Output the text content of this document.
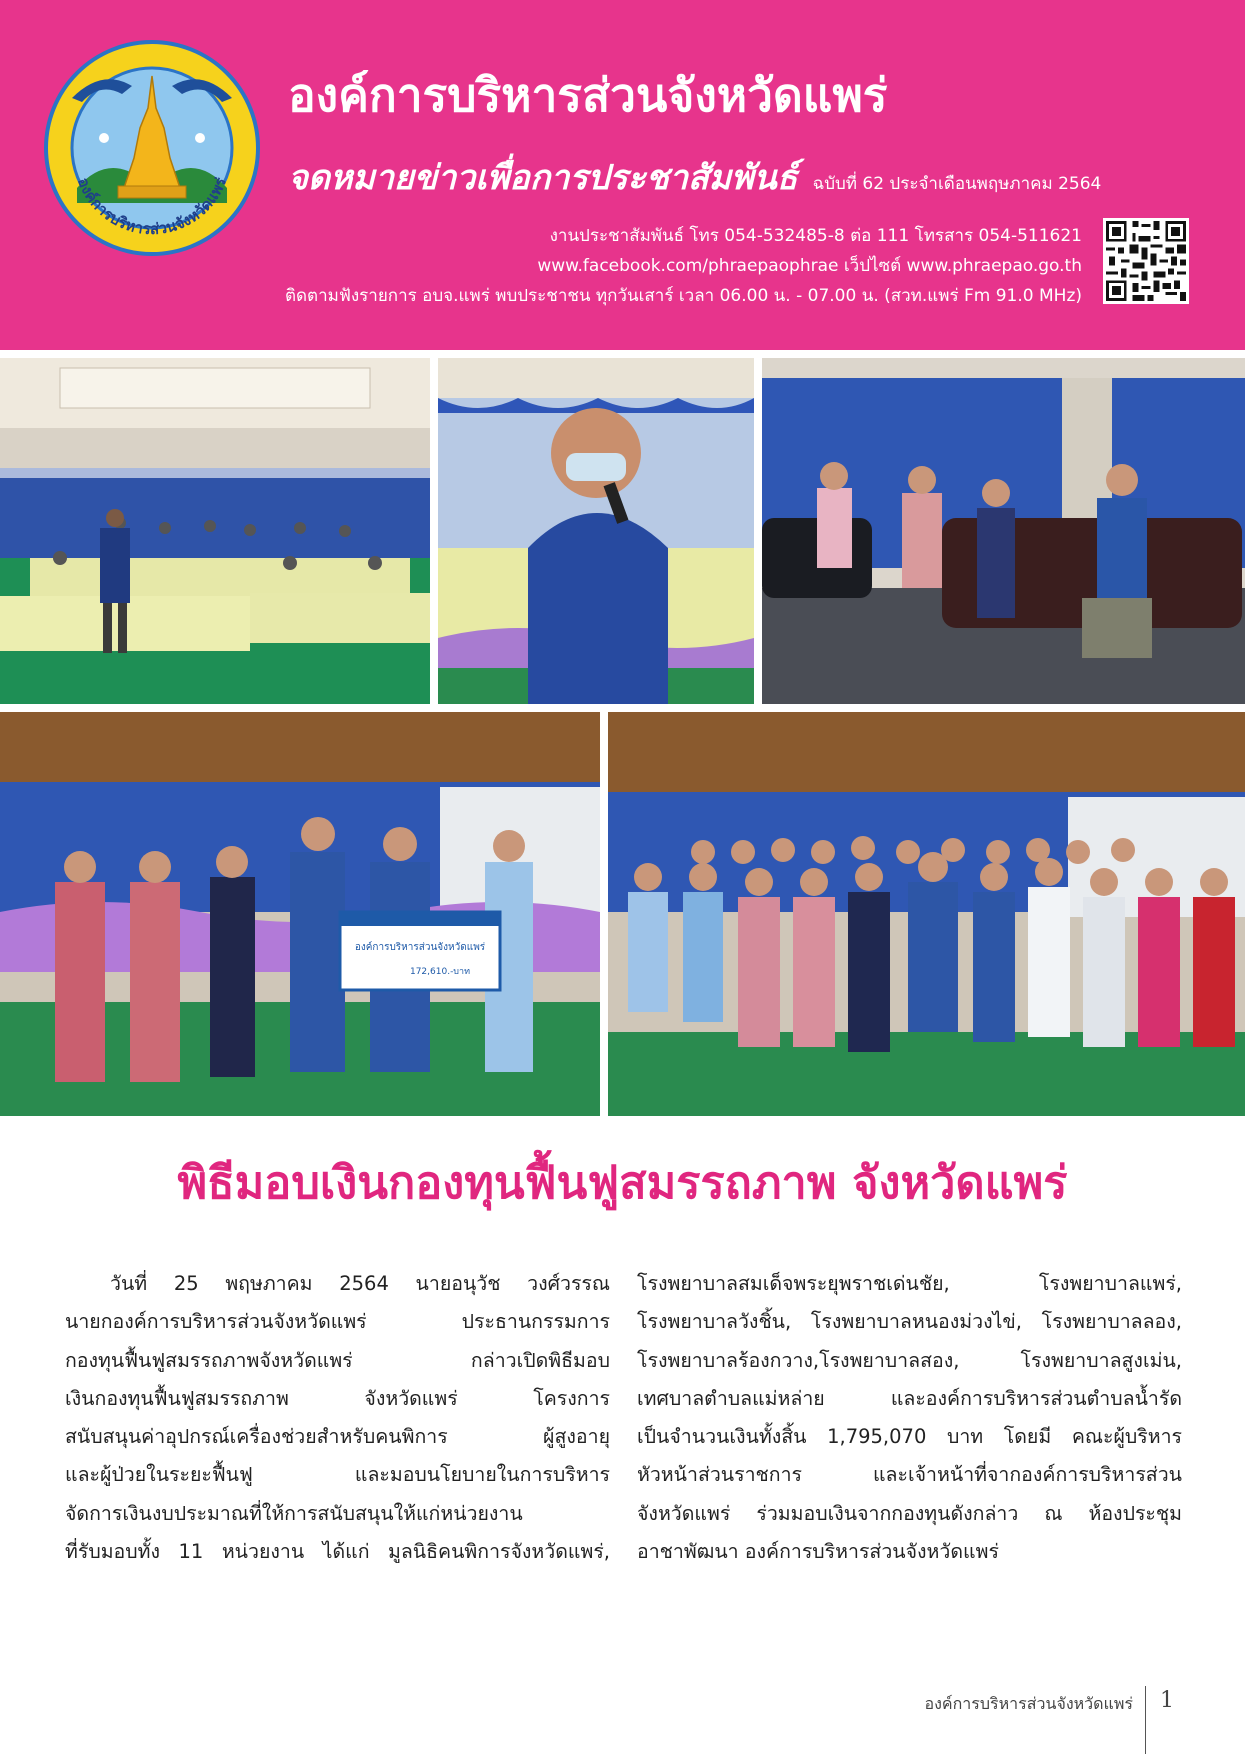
องค์การบริหารส่วนจังหวัดแพร่
องค์การบริหารส่วนจังหวัดแพร่
จดหมายข่าวเพื่อการประชาสัมพันธ์ ฉบับที่ 62 ประจำเดือนพฤษภาคม 2564
งานประชาสัมพันธ์ โทร 054-532485-8 ต่อ 111 โทรสาร 054-511621
www.facebook.com/phraepaophrae เว็ปไซต์ www.phraepao.go.th
ติดตามฟังรายการ อบจ.แพร่ พบประชาชน ทุกวันเสาร์ เวลา 06.00 น. - 07.00 น. (สวท.แพร่ Fm 91.0 MHz)
องค์การบริหารส่วนจังหวัดแพร่
172,610.-บาท
พิธีมอบเงินกองทุนฟื้นฟูสมรรถภาพ จังหวัดแพร่
วันที่ 25 พฤษภาคม 2564 นายอนุวัช วงศ์วรรณ
นายกองค์การบริหารส่วนจังหวัดแพร่ ประธานกรรมการ
กองทุนฟื้นฟูสมรรถภาพจังหวัดแพร่ กล่าวเปิดพิธีมอบ
เงินกองทุนฟื้นฟูสมรรถภาพ จังหวัดแพร่ โครงการ
สนับสนุนค่าอุปกรณ์เครื่องช่วยสำหรับคนพิการ ผู้สูงอายุ
และผู้ป่วยในระยะฟื้นฟู และมอบนโยบายในการบริหาร
จัดการเงินงบประมาณที่ให้การสนับสนุนให้แก่หน่วยงาน
ที่รับมอบทั้ง 11 หน่วยงาน ได้แก่ มูลนิธิคนพิการจังหวัดแพร่,
โรงพยาบาลสมเด็จพระยุพราชเด่นชัย, โรงพยาบาลแพร่,
โรงพยาบาลวังชิ้น, โรงพยาบาลหนองม่วงไข่, โรงพยาบาลลอง,
โรงพยาบาลร้องกวาง,โรงพยาบาลสอง, โรงพยาบาลสูงเม่น,
เทศบาลตำบลแม่หล่าย และองค์การบริหารส่วนตำบลน้ำรัด
เป็นจำนวนเงินทั้งสิ้น 1,795,070 บาท โดยมี คณะผู้บริหาร
หัวหน้าส่วนราชการ และเจ้าหน้าที่จากองค์การบริหารส่วน
จังหวัดแพร่ ร่วมมอบเงินจากกองทุนดังกล่าว ณ ห้องประชุม
อาชาพัฒนา องค์การบริหารส่วนจังหวัดแพร่
องค์การบริหารส่วนจังหวัดแพร่ 1
